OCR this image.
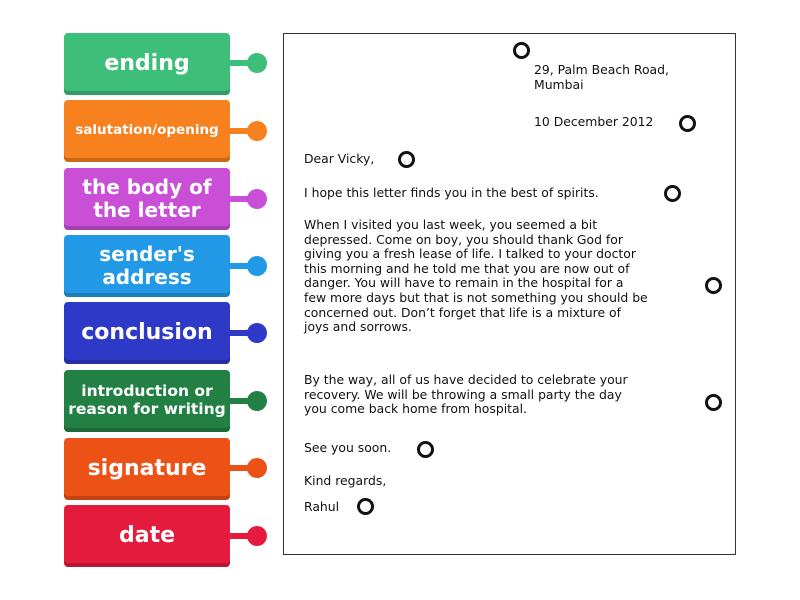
ending
salutation/opening
the body of the letter
sender's address
conclusion
introduction or reason for writing
signature
date
29, Palm Beach Road,
Mumbai
10 December 2012
Dear Vicky,
I hope this letter finds you in the best of spirits.
When I visited you last week, you seemed a bit
depressed. Come on boy, you should thank God for
giving you a fresh lease of life. I talked to your doctor
this morning and he told me that you are now out of
danger. You will have to remain in the hospital for a
few more days but that is not something you should be
concerned out. Don’t forget that life is a mixture of
joys and sorrows.
By the way, all of us have decided to celebrate your
recovery. We will be throwing a small party the day
you come back home from hospital.
See you soon.
Kind regards,
Rahul
